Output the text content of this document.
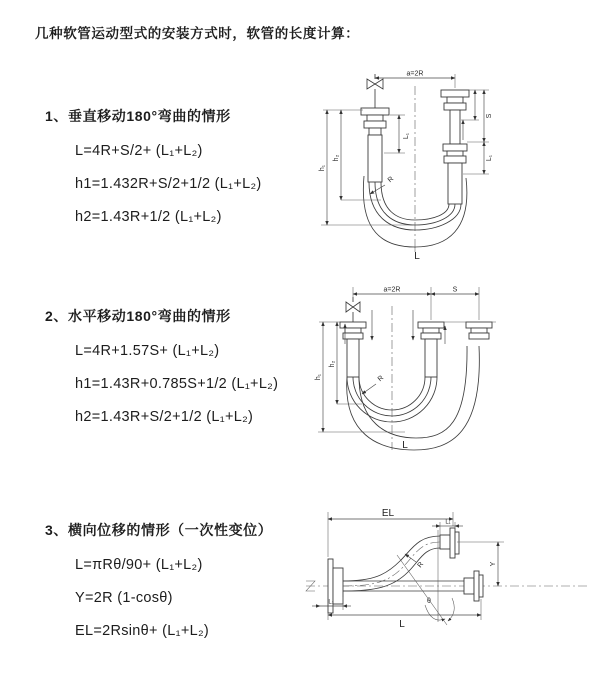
几种软管运动型式的安装方式时，软管的长度计算：
1、垂直移动180°弯曲的情形
L=4R+S/2+ (L₁+L₂)
h1=1.432R+S/2+1/2 (L₁+L₂)
h2=1.43R+1/2 (L₁+L₂)
2、水平移动180°弯曲的情形
L=4R+1.57S+ (L₁+L₂)
h1=1.43R+0.785S+1/2 (L₁+L₂)
h2=1.43R+S/2+1/2 (L₁+L₂)
3、横向位移的情形（一次性变位）
L=πRθ/90+ (L₁+L₂)
Y=2R (1-cosθ)
EL=2Rsinθ+ (L₁+L₂)
a=2R
h₁
h₂
L₁
S
L₁
R
L
a=2R	S
h₁
h₂
R
L
θ
R
EL
L₁
Y
L₁
L
